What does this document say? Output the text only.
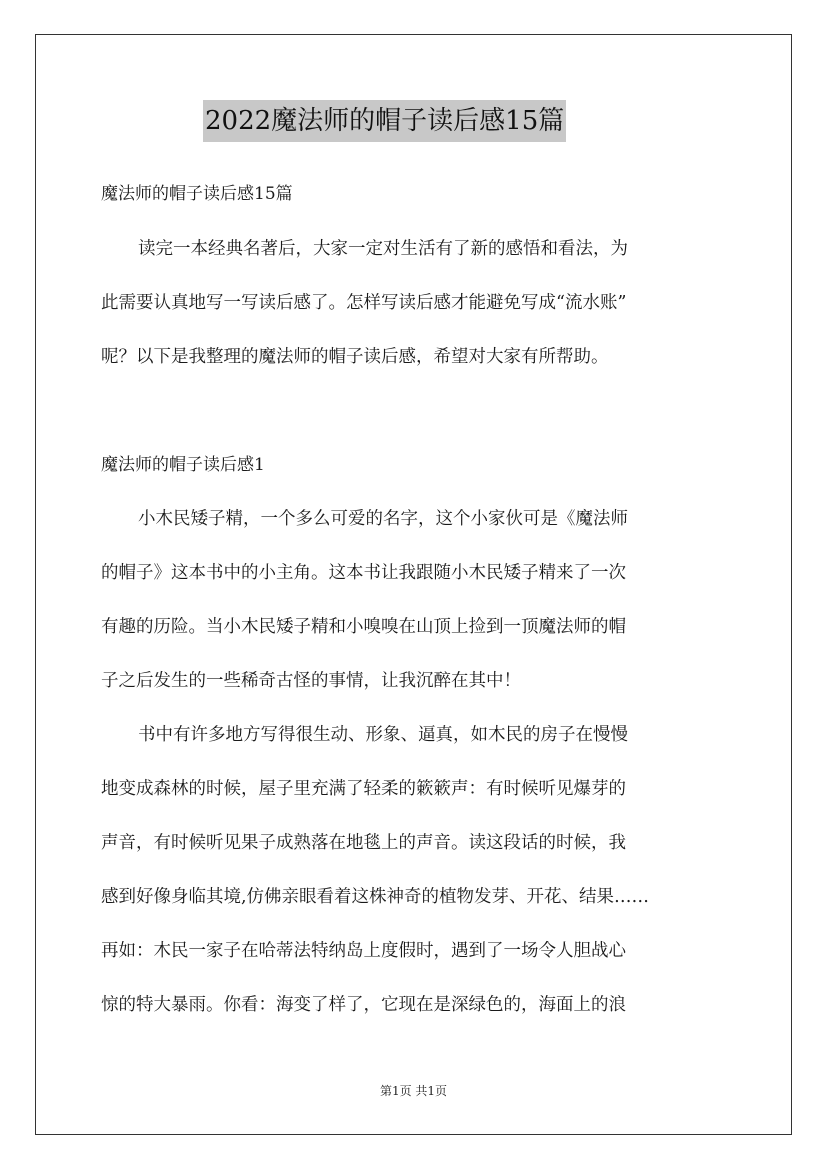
2022魔法师的帽子读后感15篇
魔法师的帽子读后感15篇
读完一本经典名著后，大家一定对生活有了新的感悟和看法，为
此需要认真地写一写读后感了。怎样写读后感才能避免写成“流水账”
呢？以下是我整理的魔法师的帽子读后感，希望对大家有所帮助。
魔法师的帽子读后感1
小木民矮子精，一个多么可爱的名字，这个小家伙可是《魔法师
的帽子》这本书中的小主角。这本书让我跟随小木民矮子精来了一次
有趣的历险。当小木民矮子精和小嗅嗅在山顶上捡到一顶魔法师的帽
子之后发生的一些稀奇古怪的事情，让我沉醉在其中！
书中有许多地方写得很生动、形象、逼真，如木民的房子在慢慢
地变成森林的时候，屋子里充满了轻柔的簌簌声：有时候听见爆芽的
声音，有时候听见果子成熟落在地毯上的声音。读这段话的时候，我
感到好像身临其境,仿佛亲眼看着这株神奇的植物发芽、开花、结果……
再如：木民一家子在哈蒂法特纳岛上度假时，遇到了一场令人胆战心
惊的特大暴雨。你看：海变了样了，它现在是深绿色的，海面上的浪
第1页 共1页
